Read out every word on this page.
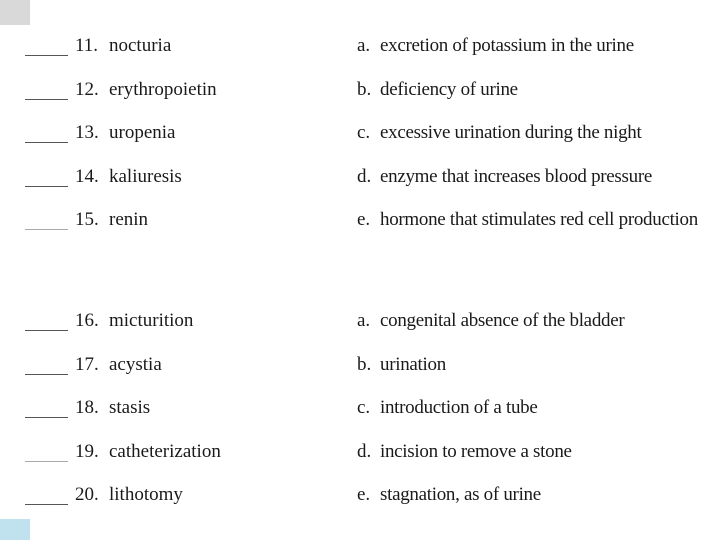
11. nocturia	a. excretion of potassium in the urine
12. erythropoietin	b. deficiency of urine
13. uropenia	c. excessive urination during the night
14. kaliuresis	d. enzyme that increases blood pressure
15. renin	e. hormone that stimulates red cell production
16. micturition	a. congenital absence of the bladder
17. acystia	b. urination
18. stasis	c. introduction of a tube
19. catheterization	d. incision to remove a stone
20. lithotomy	e. stagnation, as of urine
